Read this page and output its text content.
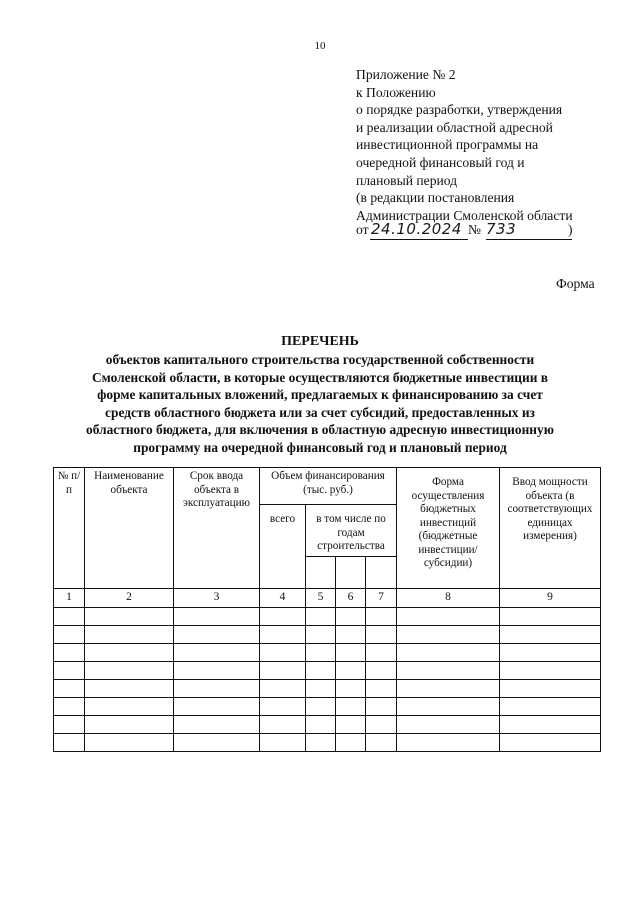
10
Приложение № 2
к Положению
о порядке разработки, утверждения
и реализации областной адресной
инвестиционной программы на
очередной финансовый год и
плановый период
(в редакции постановления
Администрации Смоленской области
от 24.10.2024 № 733	)
Форма
ПЕРЕЧЕНЬ
объектов капитального строительства государственной собственности
Смоленской области, в которые осуществляются бюджетные инвестиции в
форме капитальных вложений, предлагаемых к финансированию за счет
средств областного бюджета или за счет субсидий, предоставленных из
областного бюджета, для включения в областную адресную инвестиционную
программу на очередной финансовый год и плановый период
№ п/п	Наименование объекта	Срок ввода объекта в эксплуатацию	Объем финансирования (тыс. руб.)				Форма осуществления бюджетных инвестиций (бюджетные инвестиции/ субсидии)	Ввод мощности объекта (в соответствующих единицах измерения)
			всего	в том числе по годам строительства				

1	2	3	4	5	6	7	8	9
